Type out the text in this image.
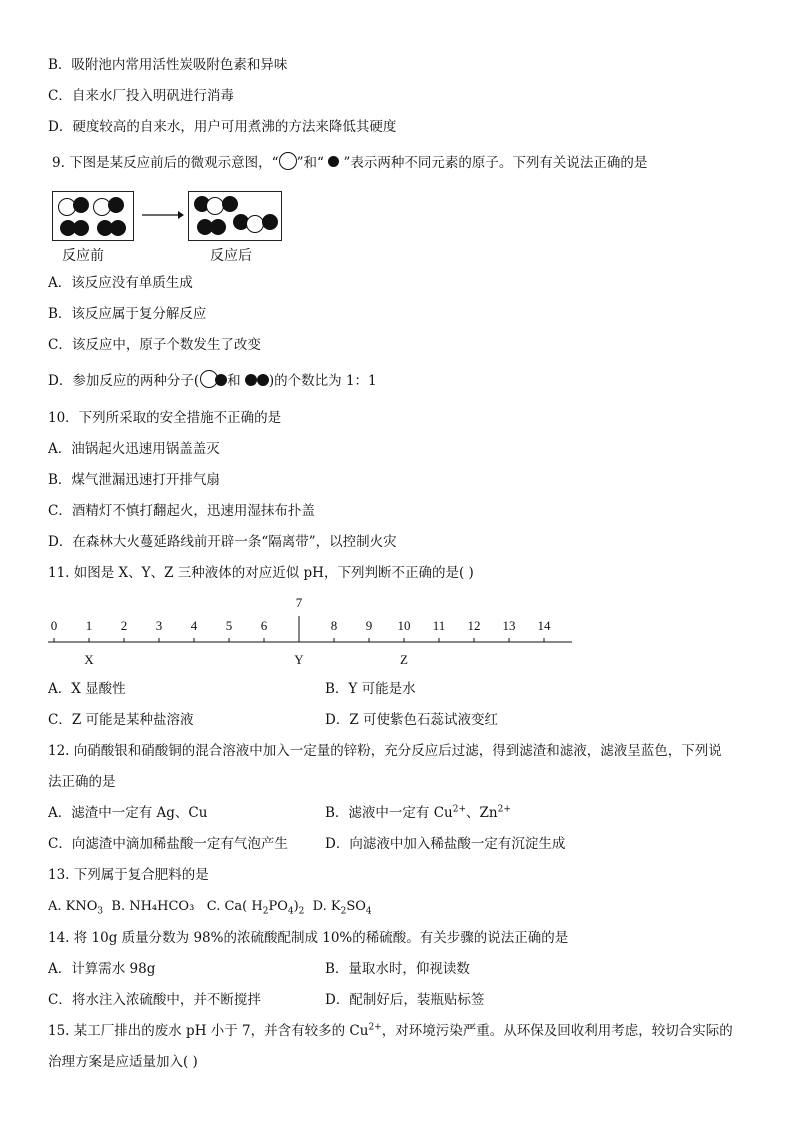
B．吸附池内常用活性炭吸附色素和异味
C．自来水厂投入明矾进行消毒
D．硬度较高的自来水，用户可用煮沸的方法来降低其硬度
9. 下图是某反应前后的微观示意图，“ ”和“  ”表示两种不同元素的原子。下列有关说法正确的是
反应前	反应后
A．该反应没有单质生成
B．该反应属于复分解反应
C．该反应中，原子个数发生了改变
D．参加反应的两种分子( 和 )的个数比为 1：1
10．下列所采取的安全措施不正确的是
A．油锅起火迅速用锅盖盖灭
B．煤气泄漏迅速打开排气扇
C．酒精灯不慎打翻起火，迅速用湿抹布扑盖
D．在森林大火蔓延路线前开辟一条“隔离带”，以控制火灾
11. 如图是 X、Y、Z 三种液体的对应近似 pH，下列判断不正确的是( )
0 1 2 3 4 5 6
7
8 9 10 11 12 13 14
X	Y	Z
A．X 显酸性	B．Y 可能是水
C．Z 可能是某种盐溶液	D．Z 可使紫色石蕊试液变红
12. 向硝酸银和硝酸铜的混合溶液中加入一定量的锌粉，充分反应后过滤，得到滤渣和滤液，滤液呈蓝色，下列说
法正确的是
A．滤渣中一定有 Ag、Cu	B．滤液中一定有 $Cu^{2+}$、$Zn^{2+}$
C．向滤渣中滴加稀盐酸一定有气泡产生	D．向滤液中加入稀盐酸一定有沉淀生成
13. 下列属于复合肥料的是
A. $KNO_3$ B. NH₄HCO₃ C. Ca( $H_2PO_4)_2$ D. $K_2SO_4$
14. 将 10g 质量分数为 98%的浓硫酸配制成 10%的稀硫酸。有关步骤的说法正确的是
A．计算需水 98g	B．量取水时，仰视读数
C．将水注入浓硫酸中，并不断搅拌	D．配制好后，装瓶贴标签
15. 某工厂排出的废水 pH 小于 7，并含有较多的 $Cu^{2+}$，对环境污染严重。从环保及回收利用考虑，较切合实际的
治理方案是应适量加入( )
